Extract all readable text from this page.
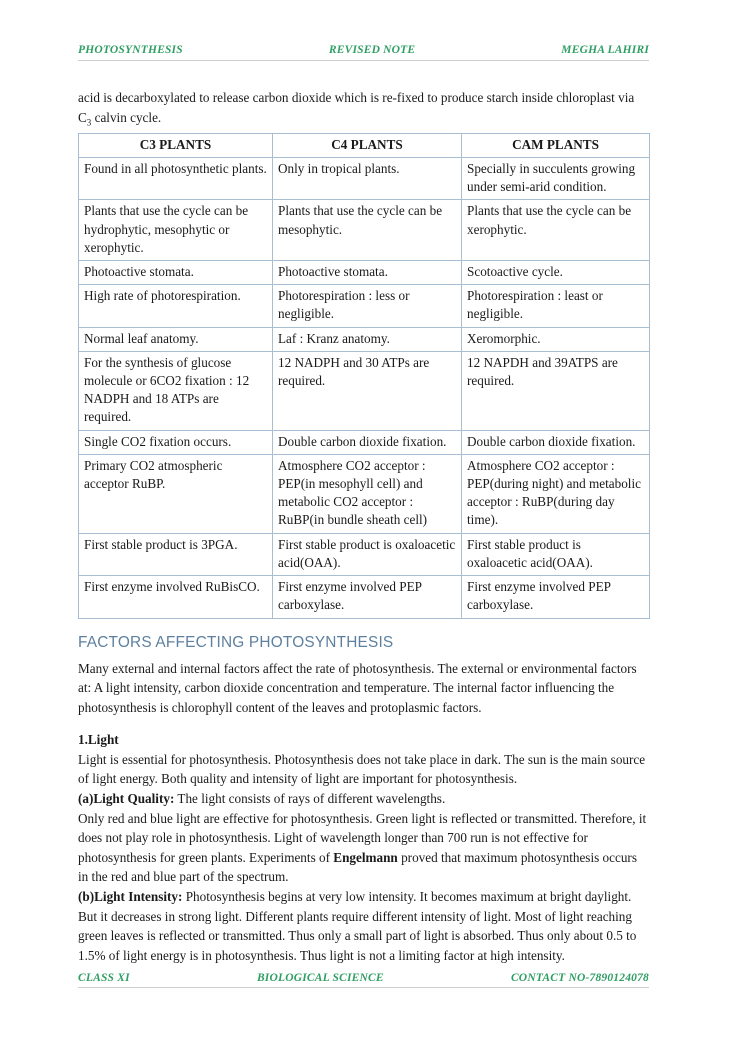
PHOTOSYNTHESIS	REVISED NOTE	MEGHA LAHIRI

acid is decarboxylated to release carbon dioxide which is re-fixed to produce starch inside chloroplast via $C_3$ calvin cycle.

C3 PLANTS	C4 PLANTS	CAM PLANTS
Found in all photosynthetic plants.	Only in tropical plants.	Specially in succulents growing under semi-arid condition.
Plants that use the cycle can be hydrophytic, mesophytic or xerophytic.	Plants that use the cycle can be mesophytic.	Plants that use the cycle can be xerophytic.
Photoactive stomata.	Photoactive stomata.	Scotoactive cycle.
High rate of photorespiration.	Photorespiration : less or negligible.	Photorespiration : least or negligible.
Normal leaf anatomy.	Laf : Kranz anatomy.	Xeromorphic.
For the synthesis of glucose molecule or 6CO2 fixation : 12 NADPH and 18 ATPs are required.	12 NADPH and 30 ATPs are required.	12 NAPDH and 39ATPS are required.
Single CO2 fixation occurs.	Double carbon dioxide fixation.	Double carbon dioxide fixation.
Primary CO2 atmospheric acceptor RuBP.	Atmosphere CO2 acceptor : PEP(in mesophyll cell) and metabolic CO2 acceptor : RuBP(in bundle sheath cell)	Atmosphere CO2 acceptor : PEP(during night) and metabolic acceptor : RuBP(during day time).
First stable product is 3PGA.	First stable product is oxaloacetic acid(OAA).	First stable product is oxaloacetic acid(OAA).
First enzyme involved RuBisCO.	First enzyme involved PEP carboxylase.	First enzyme involved PEP carboxylase.
FACTORS AFFECTING PHOTOSYNTHESIS

Many external and internal factors affect the rate of photosynthesis. The external or environmental factors at: A light intensity, carbon dioxide concentration and temperature. The internal factor influencing the photosynthesis is chlorophyll content of the leaves and protoplasmic factors.

1.Light

Light is essential for photosynthesis. Photosynthesis does not take place in dark. The sun is the main source of light energy. Both quality and intensity of light are important for photosynthesis.

(a)Light Quality: The light consists of rays of different wavelengths.

Only red and blue light are effective for photosynthesis. Green light is reflected or transmitted. Therefore, it does not play role in photosynthesis. Light of wavelength longer than 700 run is not effective for photosynthesis for green plants. Experiments of Engelmann proved that maximum photosynthesis occurs in the red and blue part of the spectrum.

(b)Light Intensity: Photosynthesis begins at very low intensity. It becomes maximum at bright daylight. But it decreases in strong light. Different plants require different intensity of light. Most of light reaching green leaves is reflected or transmitted. Thus only a small part of light is absorbed. Thus only about 0.5 to 1.5% of light energy is in photosynthesis. Thus light is not a limiting factor at high intensity.

CLASS XI	BIOLOGICAL SCIENCE	CONTACT NO-7890124078
